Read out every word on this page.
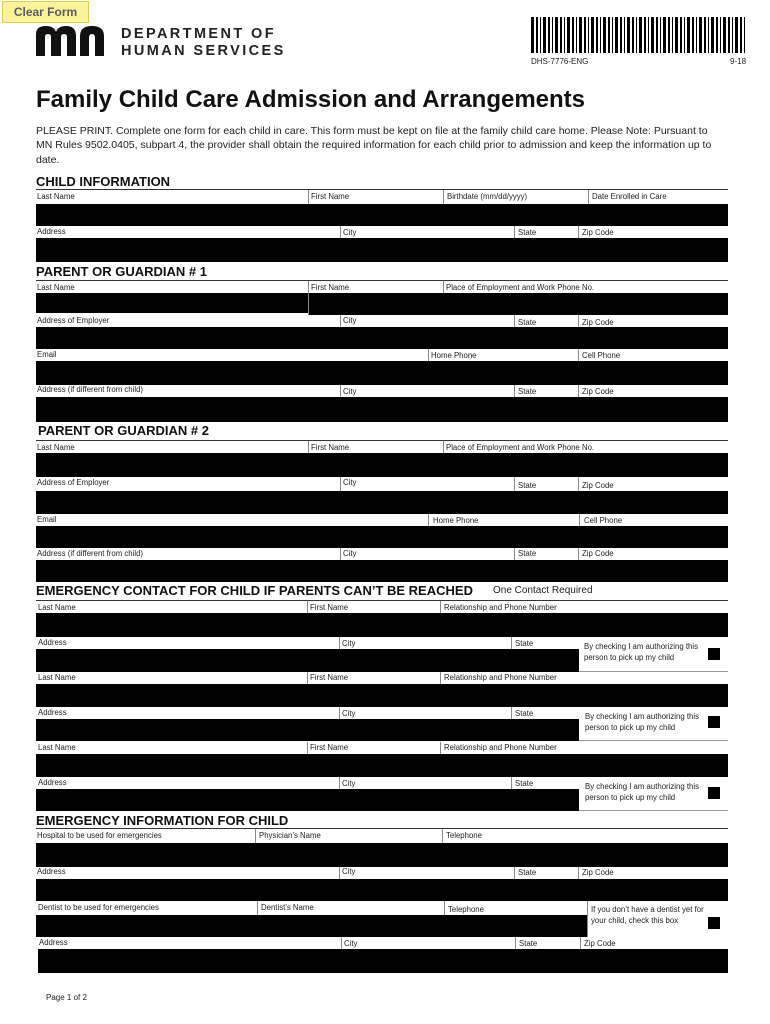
Clear Form
DEPARTMENT OF
HUMAN SERVICES
DHS-7776-ENG	9-18
Family Child Care Admission and Arrangements
PLEASE PRINT. Complete one form for each child in care. This form must be kept on file at the family child care home. Please Note: Pursuant to MN Rules 9502.0405, subpart 4, the provider shall obtain the required information for each child prior to admission and keep the information up to date.
CHILD INFORMATION
Last Name	First Name	Birthdate (mm/dd/yyyy)	Date Enrolled in Care
Address	City	State	Zip Code
PARENT OR GUARDIAN # 1
Last Name	First Name	Place of Employment and Work Phone No.
Address of Employer	City	State	Zip Code
Email	Home Phone	Cell Phone
Address (if different from child)	City	State	Zip Code
PARENT OR GUARDIAN # 2
Last Name	First Name	Place of Employment and Work Phone No.
Address of Employer	City	State	Zip Code
Email	Home Phone	Cell Phone
Address (if different from child)	City	State	Zip Code
EMERGENCY CONTACT FOR CHILD IF PARENTS CAN’T BE REACHED One Contact Required
Last Name	First Name	Relationship and Phone Number
Address	City	State	By checking I am authorizing this person to pick up my child
Last Name	First Name	Relationship and Phone Number
Address	City	State	By checking I am authorizing this person to pick up my child
Last Name	First Name	Relationship and Phone Number
Address	City	State	By checking I am authorizing this person to pick up my child
EMERGENCY INFORMATION FOR CHILD
Hospital to be used for emergencies	Physician’s Name	Telephone
Address	City	State	Zip Code
Dentist to be used for emergencies	Dentist’s Name	Telephone	If you don’t have a dentist yet for your child, check this box
Address	City	State	Zip Code
Page 1 of 2
